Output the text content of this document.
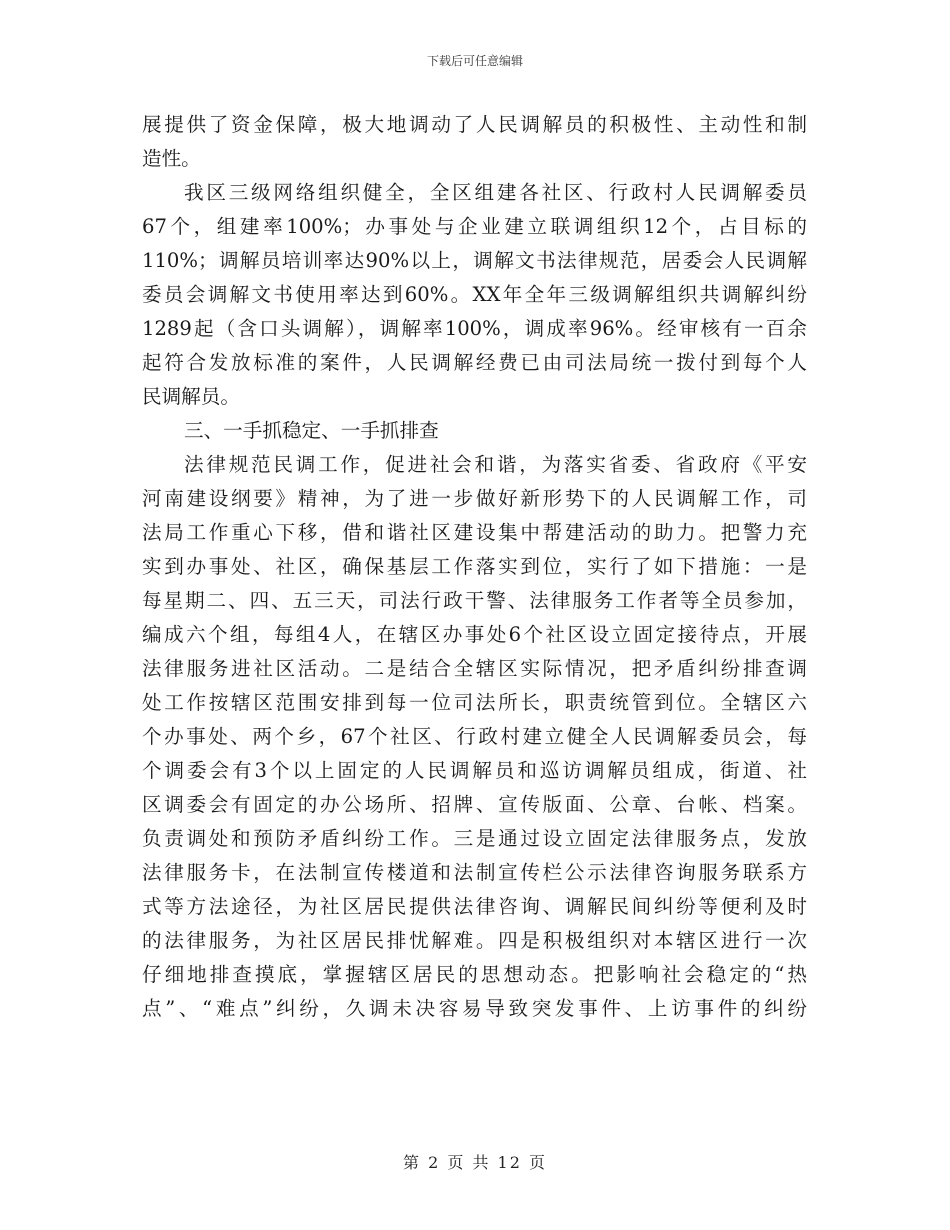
下载后可任意编辑
展提供了资金保障，极大地调动了人民调解员的积极性、主动性和制
造性。
我区三级网络组织健全，全区组建各社区、行政村人民调解委员
67个，组建率100%；办事处与企业建立联调组织12个，占目标的
110%；调解员培训率达90%以上，调解文书法律规范，居委会人民调解
委员会调解文书使用率达到60%。XX年全年三级调解组织共调解纠纷
1289起（含口头调解），调解率100%，调成率96%。经审核有一百余
起符合发放标准的案件，人民调解经费已由司法局统一拨付到每个人
民调解员。
三、一手抓稳定、一手抓排查
法律规范民调工作，促进社会和谐，为落实省委、省政府《平安
河南建设纲要》精神，为了进一步做好新形势下的人民调解工作，司
法局工作重心下移，借和谐社区建设集中帮建活动的助力。把警力充
实到办事处、社区，确保基层工作落实到位，实行了如下措施：一是
每星期二、四、五三天，司法行政干警、法律服务工作者等全员参加，
编成六个组，每组4人，在辖区办事处6个社区设立固定接待点，开展
法律服务进社区活动。二是结合全辖区实际情况，把矛盾纠纷排查调
处工作按辖区范围安排到每一位司法所长，职责统管到位。全辖区六
个办事处、两个乡，67个社区、行政村建立健全人民调解委员会，每
个调委会有3个以上固定的人民调解员和巡访调解员组成，街道、社
区调委会有固定的办公场所、招牌、宣传版面、公章、台帐、档案。
负责调处和预防矛盾纠纷工作。三是通过设立固定法律服务点，发放
法律服务卡，在法制宣传楼道和法制宣传栏公示法律咨询服务联系方
式等方法途径，为社区居民提供法律咨询、调解民间纠纷等便利及时
的法律服务，为社区居民排忧解难。四是积极组织对本辖区进行一次
仔细地排查摸底，掌握辖区居民的思想动态。把影响社会稳定的“热
点”、“难点”纠纷，久调未决容易导致突发事件、上访事件的纠纷
第 2 页 共 12 页
